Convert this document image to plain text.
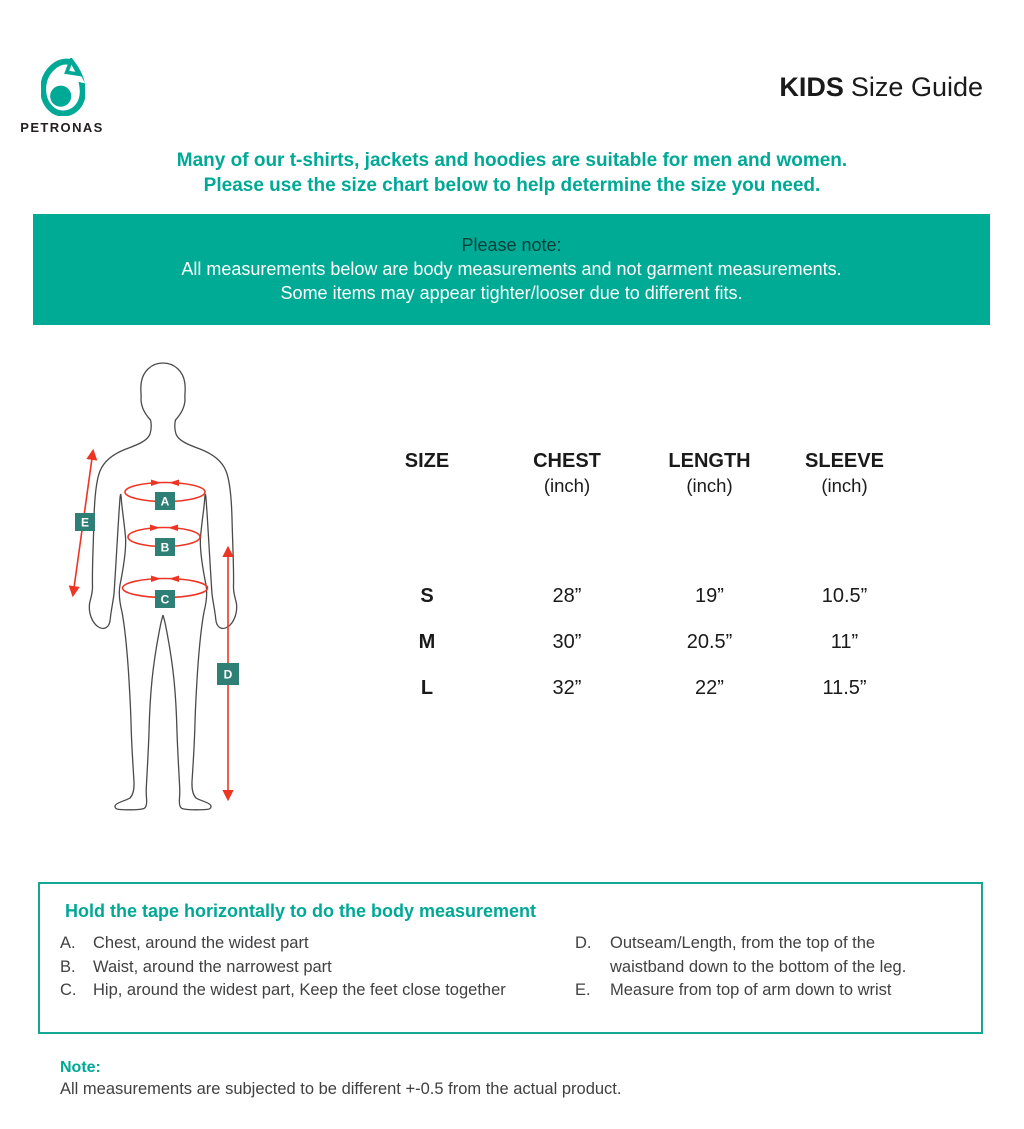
PETRONAS
KIDS Size Guide
Many of our t-shirts, jackets and hoodies are suitable for men and women.
Please use the size chart below to help determine the size you need.
Please note:
All measurements below are body measurements and not garment measurements.
Some items may appear tighter/looser due to different fits.
A
B
C
D
E
SIZE	CHEST	LENGTH	SLEEVE
(inch)	(inch)	(inch)
S	28”	19”	10.5”
M	30”	20.5”	11”
L	32”	22”	11.5”
Hold the tape horizontally to do the body measurement
A.	Chest, around the widest part
B.	Waist, around the narrowest part
C.	Hip, around the widest part, Keep the feet close together
D.	Outseam/Length, from the top of the waistband down to the bottom of the leg.
E.	Measure from top of arm down to wrist
Note:
All measurements are subjected to be different +-0.5 from the actual product.
